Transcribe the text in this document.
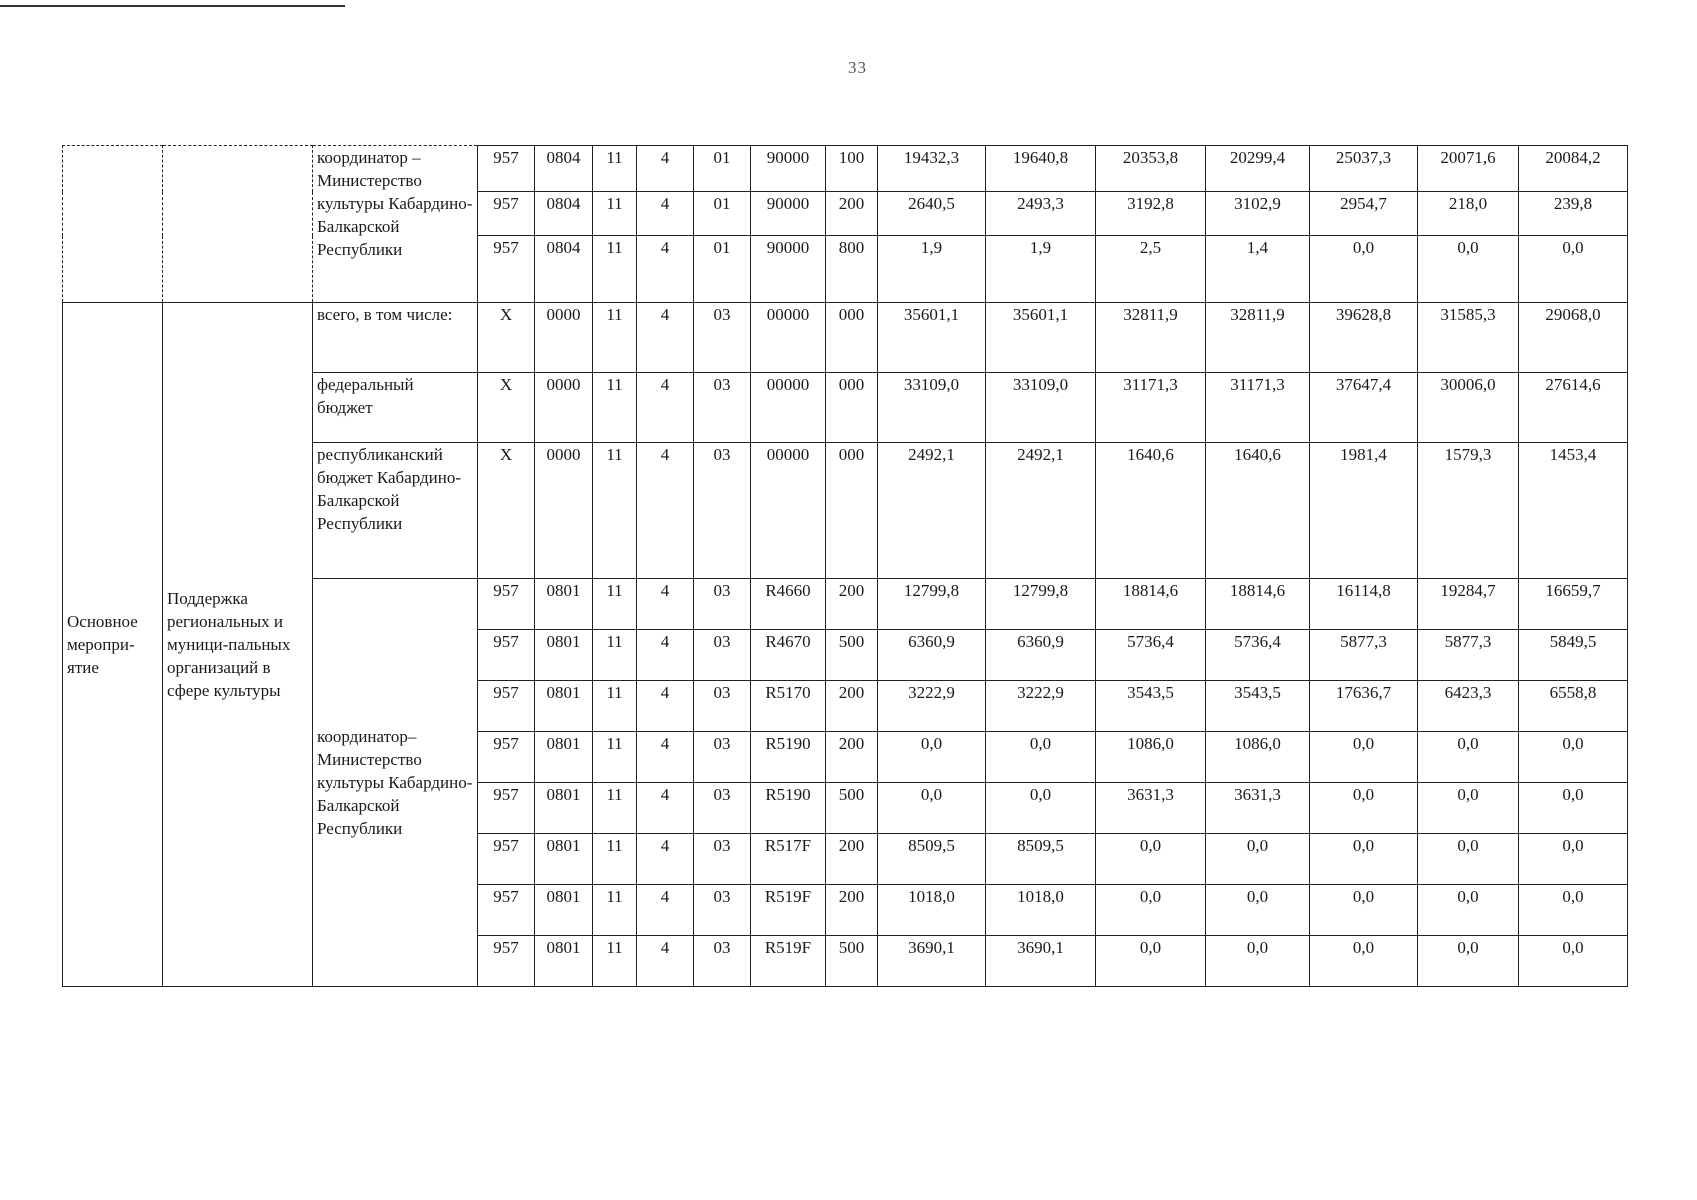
33
		координатор – Министерство культуры Кабардино-Балкарской Республики	957	0804	11	4	01	90000	100	19432,3	19640,8	20353,8	20299,4	25037,3	20071,6	20084,2
			957	0804	11	4	01	90000	200	2640,5	2493,3	3192,8	3102,9	2954,7	218,0	239,8
			957	0804	11	4	01	90000	800	1,9	1,9	2,5	1,4	0,0	0,0	0,0
Основное меропри-ятие	Поддержка региональных и муници-пальных организаций в сфере культуры	всего, в том числе:	X	0000	11	4	03	00000	000	35601,1	35601,1	32811,9	32811,9	39628,8	31585,3	29068,0
		федеральный бюджет	X	0000	11	4	03	00000	000	33109,0	33109,0	31171,3	31171,3	37647,4	30006,0	27614,6
		республиканский бюджет Кабардино-Балкарской Республики	X	0000	11	4	03	00000	000	2492,1	2492,1	1640,6	1640,6	1981,4	1579,3	1453,4
		координатор– Министерство культуры Кабардино-Балкарской Республики	957	0801	11	4	03	R4660	200	12799,8	12799,8	18814,6	18814,6	16114,8	19284,7	16659,7
			957	0801	11	4	03	R4670	500	6360,9	6360,9	5736,4	5736,4	5877,3	5877,3	5849,5
			957	0801	11	4	03	R5170	200	3222,9	3222,9	3543,5	3543,5	17636,7	6423,3	6558,8
			957	0801	11	4	03	R5190	200	0,0	0,0	1086,0	1086,0	0,0	0,0	0,0
			957	0801	11	4	03	R5190	500	0,0	0,0	3631,3	3631,3	0,0	0,0	0,0
			957	0801	11	4	03	R517F	200	8509,5	8509,5	0,0	0,0	0,0	0,0	0,0
			957	0801	11	4	03	R519F	200	1018,0	1018,0	0,0	0,0	0,0	0,0	0,0
			957	0801	11	4	03	R519F	500	3690,1	3690,1	0,0	0,0	0,0	0,0	0,0
